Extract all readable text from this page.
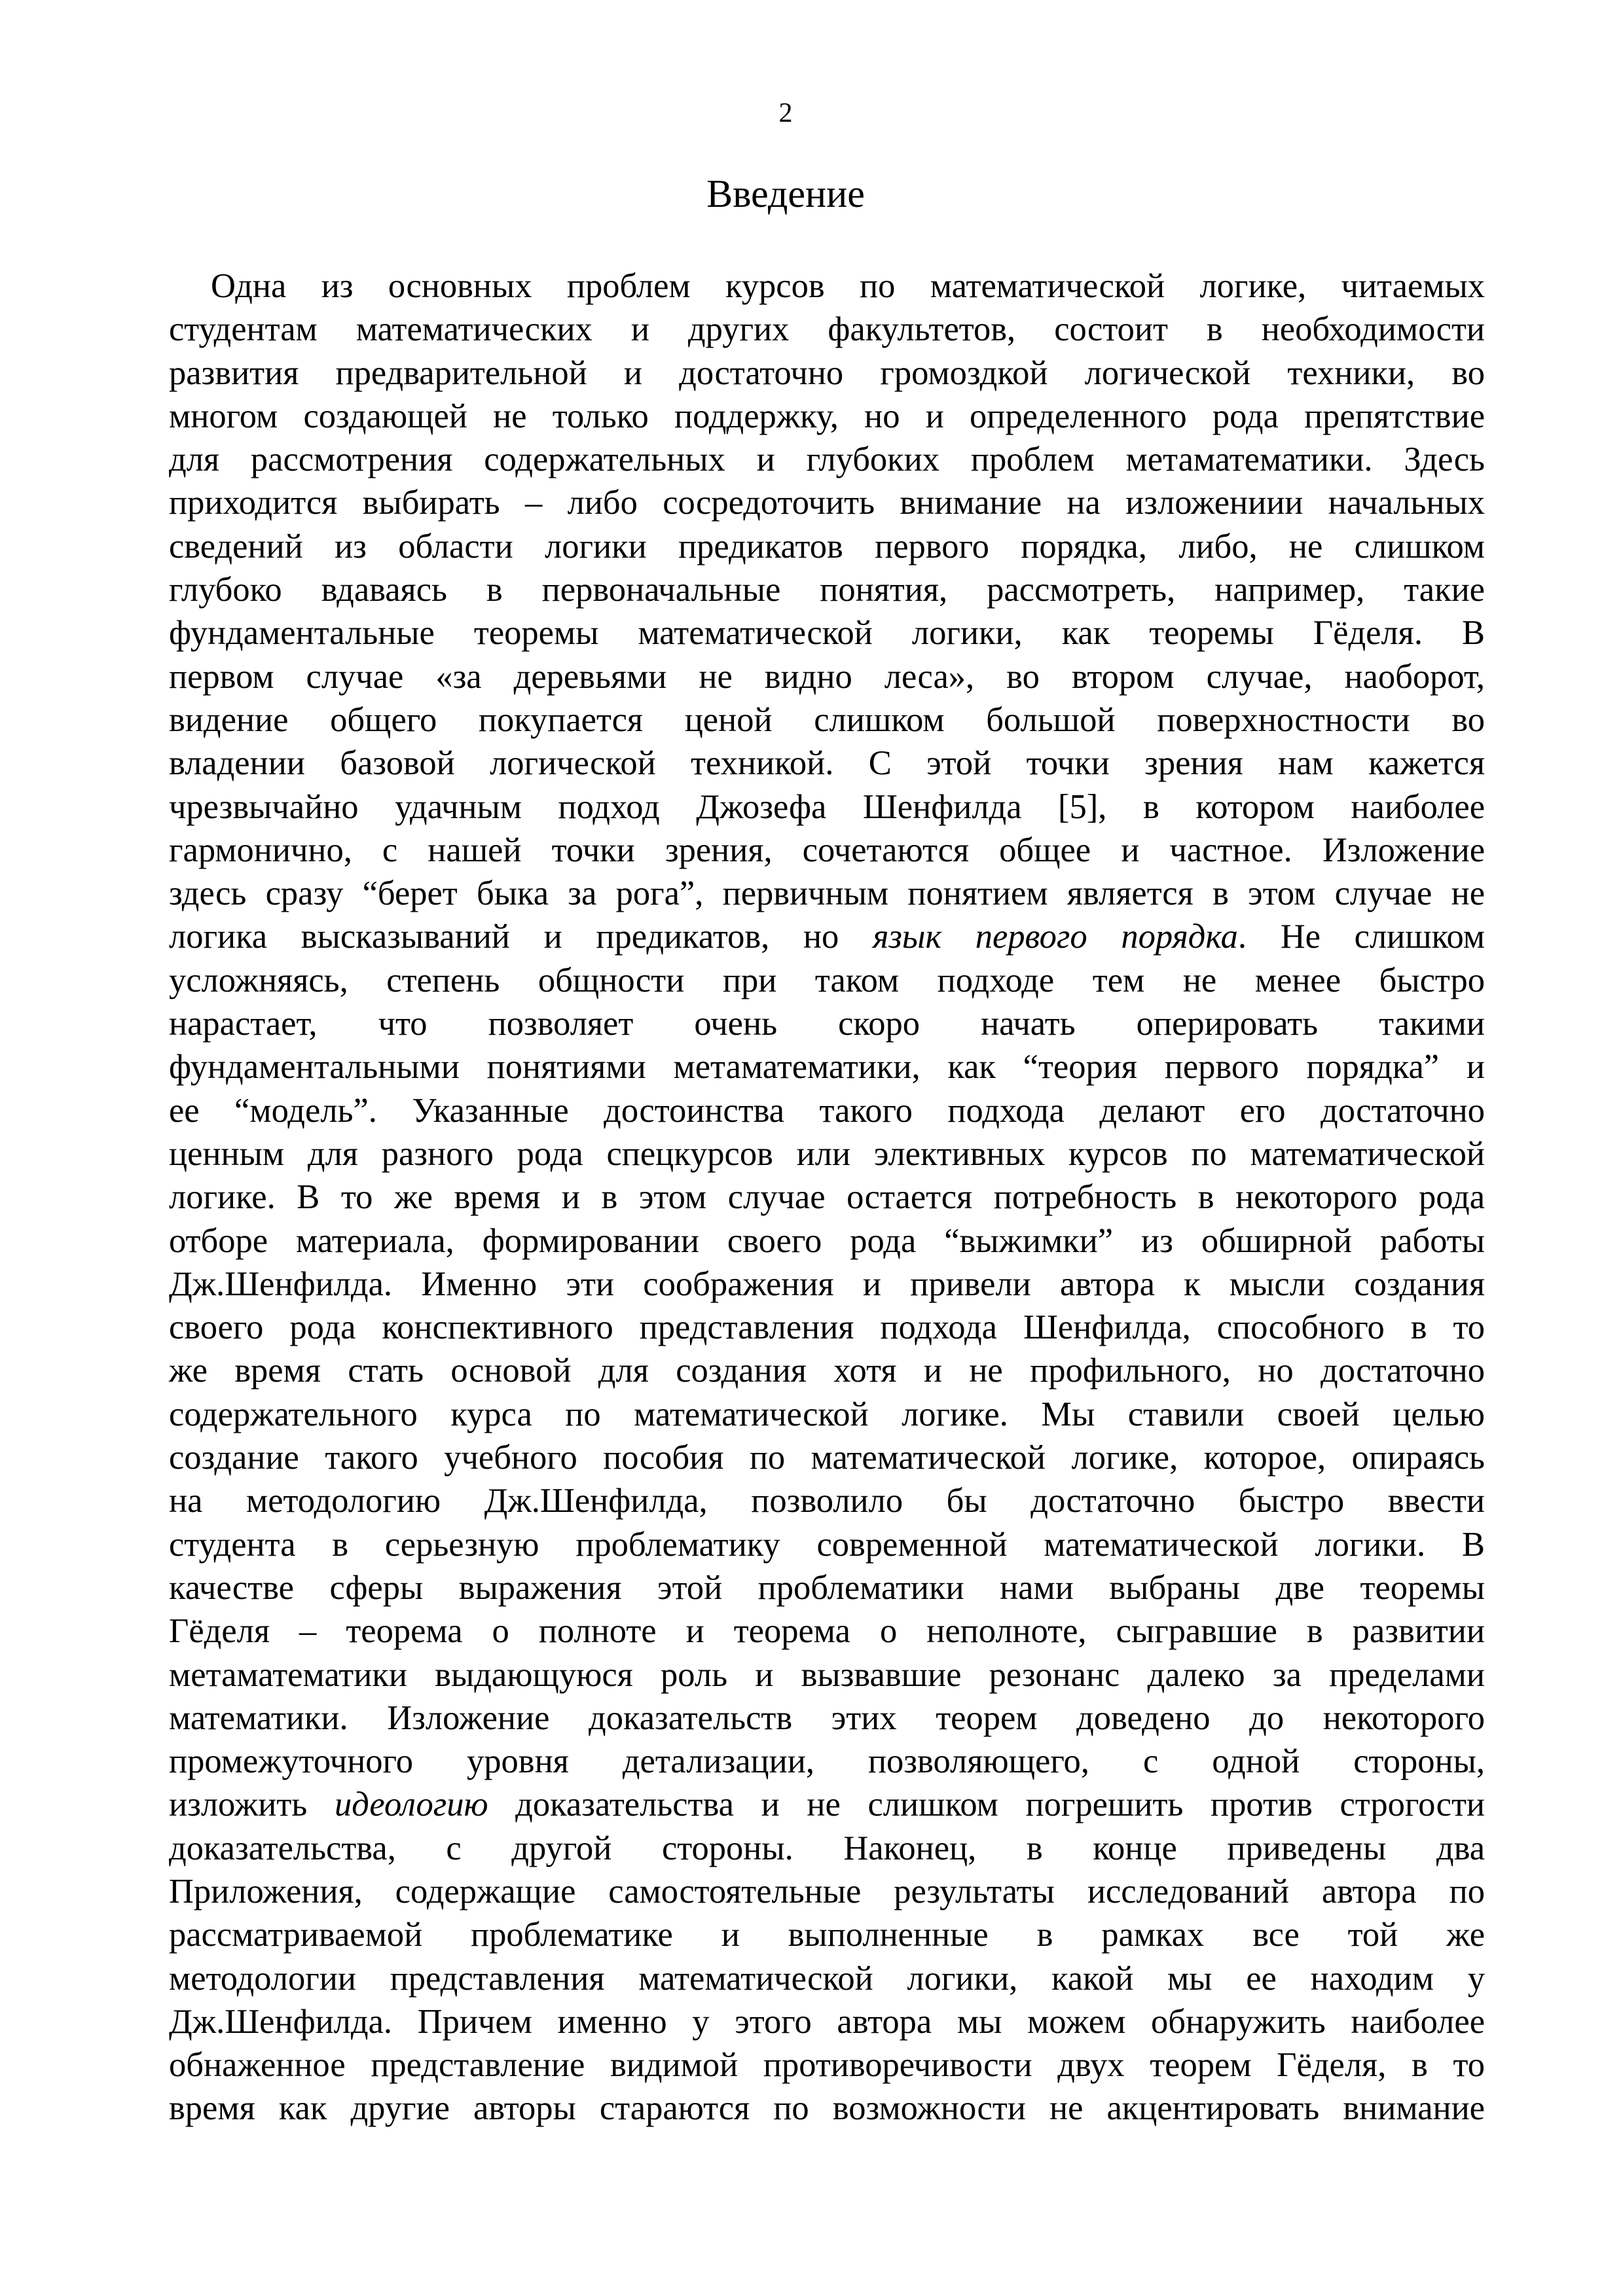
2
Введение
Одна из основных проблем курсов по математической логике, читаемых
студентам математических и других факультетов, состоит в необходимости
развития предварительной и достаточно громоздкой логической техники, во
многом создающей не только поддержку, но и определенного рода препятствие
для рассмотрения содержательных и глубоких проблем метаматематики. Здесь
приходится выбирать – либо сосредоточить внимание на изложениии начальных
сведений из области логики предикатов первого порядка, либо, не слишком
глубоко вдаваясь в первоначальные понятия, рассмотреть, например, такие
фундаментальные теоремы математической логики, как теоремы Гёделя. В
первом случае «за деревьями не видно леса», во втором случае, наоборот,
видение общего покупается ценой слишком большой поверхностности во
владении базовой логической техникой. С этой точки зрения нам кажется
чрезвычайно удачным подход Джозефа Шенфилда [5], в котором наиболее
гармонично, с нашей точки зрения, сочетаются общее и частное. Изложение
здесь сразу “берет быка за рога”, первичным понятием является в этом случае не
логика высказываний и предикатов, но язык первого порядка. Не слишком
усложняясь, степень общности при таком подходе тем не менее быстро
нарастает, что позволяет очень скоро начать оперировать такими
фундаментальными понятиями метаматематики, как “теория первого порядка” и
ее “модель”. Указанные достоинства такого подхода делают его достаточно
ценным для разного рода спецкурсов или элективных курсов по математической
логике. В то же время и в этом случае остается потребность в некоторого рода
отборе материала, формировании своего рода “выжимки” из обширной работы
Дж.Шенфилда. Именно эти соображения и привели автора к мысли создания
своего рода конспективного представления подхода Шенфилда, способного в то
же время стать основой для создания хотя и не профильного, но достаточно
содержательного курса по математической логике. Мы ставили своей целью
создание такого учебного пособия по математической логике, которое, опираясь
на методологию Дж.Шенфилда, позволило бы достаточно быстро ввести
студента в серьезную проблематику современной математической логики. В
качестве сферы выражения этой проблематики нами выбраны две теоремы
Гёделя – теорема о полноте и теорема о неполноте, сыгравшие в развитии
метаматематики выдающуюся роль и вызвавшие резонанс далеко за пределами
математики. Изложение доказательств этих теорем доведено до некоторого
промежуточного уровня детализации, позволяющего, с одной стороны,
изложить идеологию доказательства и не слишком погрешить против строгости
доказательства, с другой стороны. Наконец, в конце приведены два
Приложения, содержащие самостоятельные результаты исследований автора по
рассматриваемой проблематике и выполненные в рамках все той же
методологии представления математической логики, какой мы ее находим у
Дж.Шенфилда. Причем именно у этого автора мы можем обнаружить наиболее
обнаженное представление видимой противоречивости двух теорем Гёделя, в то
время как другие авторы стараются по возможности не акцентировать внимание
